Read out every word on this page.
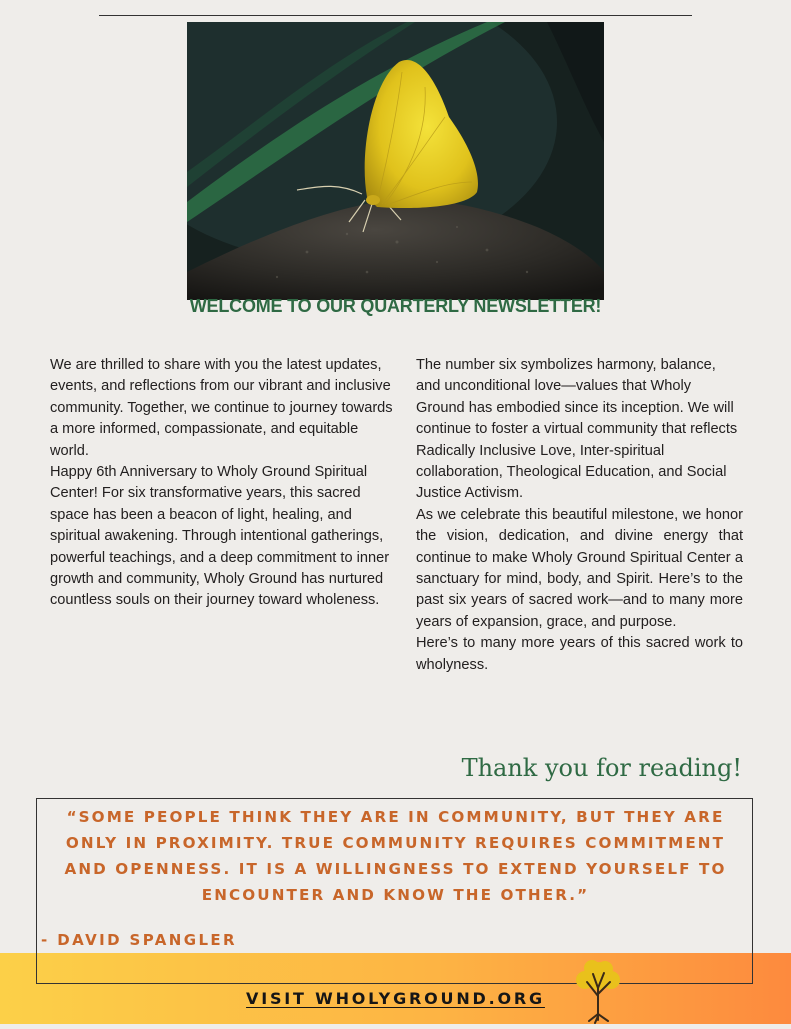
WELCOME TO OUR QUARTERLY NEWSLETTER!

We are thrilled to share with you the latest updates, events, and reflections from our vibrant and inclusive community. Together, we continue to journey towards a more informed, compassionate, and equitable world.

Happy 6th Anniversary to Wholy Ground Spiritual Center! For six transformative years, this sacred space has been a beacon of light, healing, and spiritual awakening. Through intentional gatherings, powerful teachings, and a deep commitment to inner growth and community, Wholy Ground has nurtured countless souls on their journey toward wholeness.

The number six symbolizes harmony, balance, and unconditional love—values that Wholy Ground has embodied since its inception. We will continue to foster a virtual community that reflects Radically Inclusive Love, Inter-spiritual collaboration, Theological Education, and Social Justice Activism.

As we celebrate this beautiful milestone, we honor the vision, dedication, and divine energy that continue to make Wholy Ground Spiritual Center a sanctuary for mind, body, and Spirit. Here’s to the past six years of sacred work—and to many more years of expansion, grace, and purpose.

Here’s to many more years of this sacred work to wholyness.

Thank you for reading!
“SOME PEOPLE THINK THEY ARE IN COMMUNITY, BUT THEY ARE ONLY IN PROXIMITY. TRUE COMMUNITY REQUIRES COMMITMENT AND OPENNESS. IT IS A WILLINGNESS TO EXTEND YOURSELF TO ENCOUNTER AND KNOW THE OTHER.”
- DAVID SPANGLER
VISIT WHOLYGROUND.ORG
